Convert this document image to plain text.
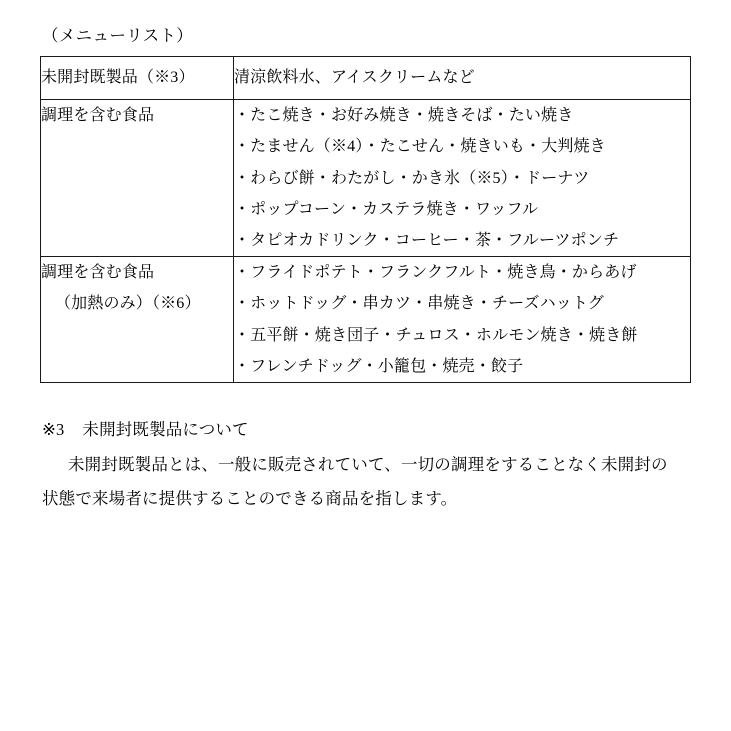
（メニューリスト）
未開封既製品（※3）	清涼飲料水、アイスクリームなど

調理を含む食品	・たこ焼き・お好み焼き・焼きそば・たい焼き
・たません（※4）・たこせん・焼きいも・大判焼き
・わらび餅・わたがし・かき氷（※5）・ドーナツ
・ポップコーン・カステラ焼き・ワッフル
・タピオカドリンク・コーヒー・茶・フルーツポンチ

調理を含む食品
（加熱のみ）（※6）	・フライドポテト・フランクフルト・焼き鳥・からあげ
・ホットドッグ・串カツ・串焼き・チーズハットグ
・五平餅・焼き団子・チュロス・ホルモン焼き・焼き餅
・フレンチドッグ・小籠包・焼売・餃子
※3 未開封既製品について
未開封既製品とは、一般に販売されていて、一切の調理をすることなく未開封の
状態で来場者に提供することのできる商品を指します。
